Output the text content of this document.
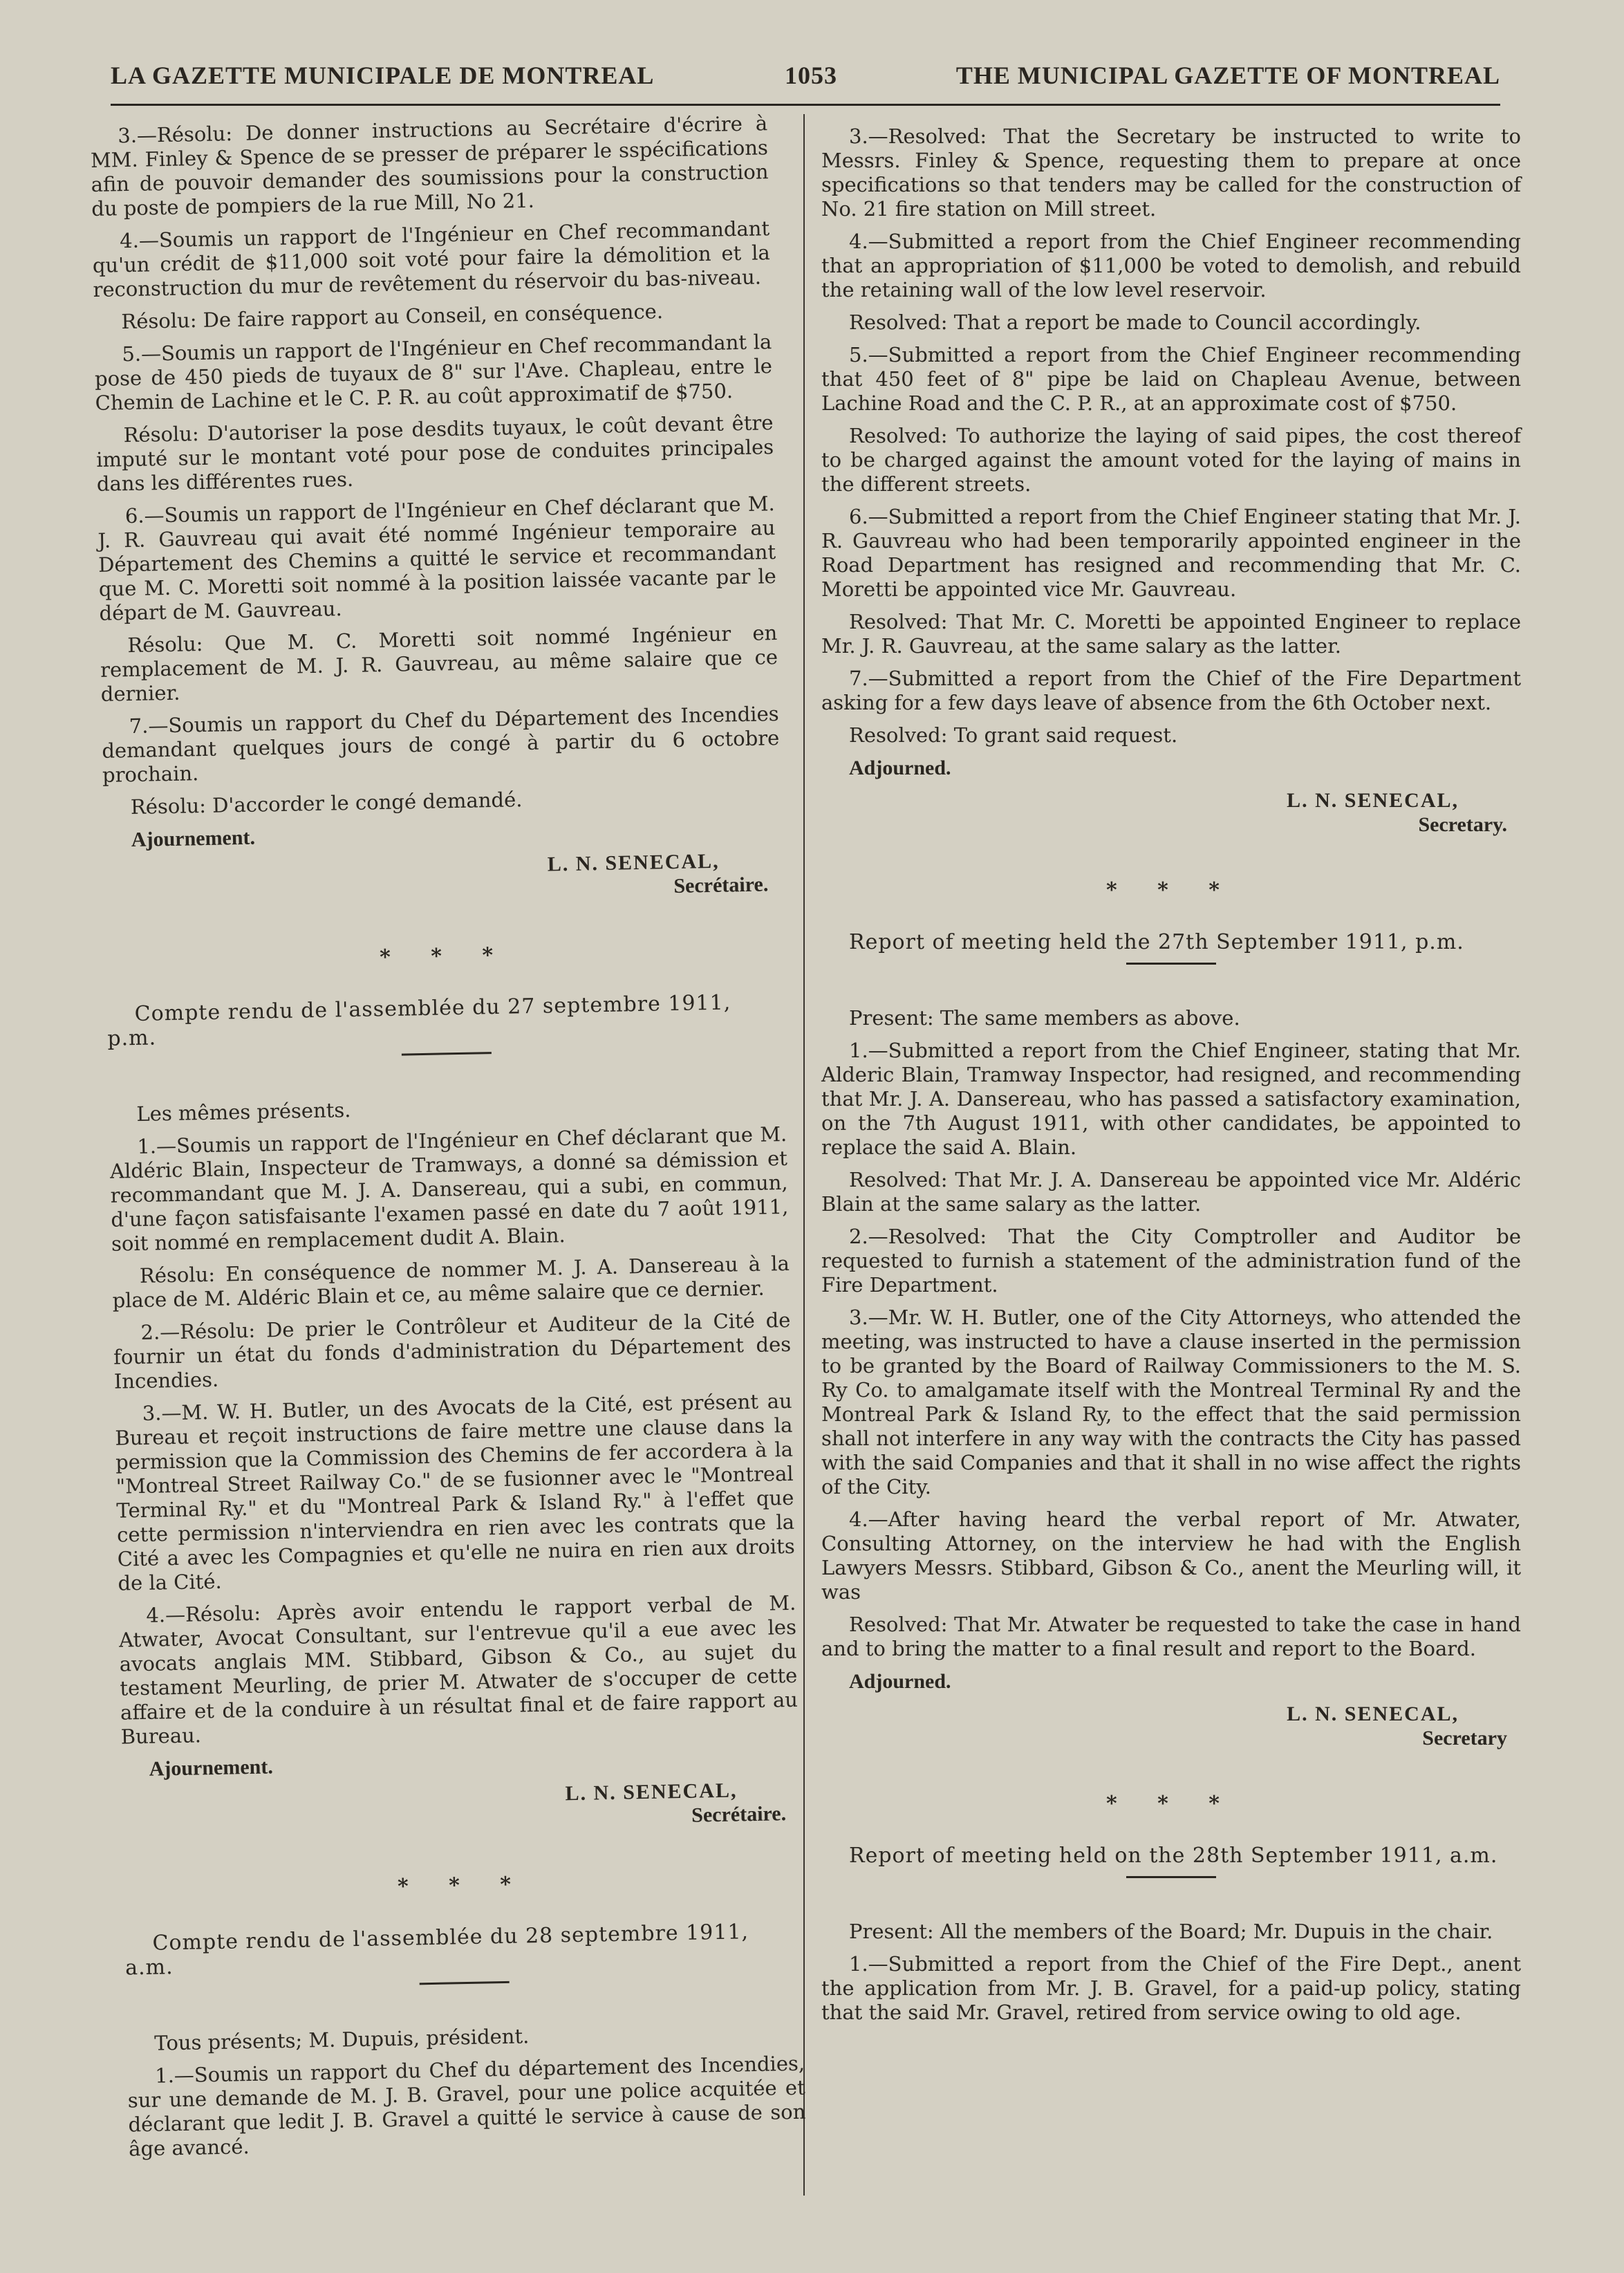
LA GAZETTE MUNICIPALE DE MONTREAL	1053	THE MUNICIPAL GAZETTE OF MONTREAL

3.—Résolu: De donner instructions au Secrétaire d'écrire à MM. Finley & Spence de se presser de préparer le sspécifications afin de pouvoir demander des soumissions pour la construction du poste de pompiers de la rue Mill, No 21.

4.—Soumis un rapport de l'Ingénieur en Chef recommandant qu'un crédit de $11,000 soit voté pour faire la démolition et la reconstruction du mur de revêtement du réservoir du bas-niveau.

Résolu: De faire rapport au Conseil, en conséquence.

5.—Soumis un rapport de l'Ingénieur en Chef recommandant la pose de 450 pieds de tuyaux de 8" sur l'Ave. Chapleau, entre le Chemin de Lachine et le C. P. R. au coût approximatif de $750.

Résolu: D'autoriser la pose desdits tuyaux, le coût devant être imputé sur le montant voté pour pose de conduites principales dans les différentes rues.

6.—Soumis un rapport de l'Ingénieur en Chef déclarant que M. J. R. Gauvreau qui avait été nommé Ingénieur temporaire au Département des Chemins a quitté le service et recommandant que M. C. Moretti soit nommé à la position laissée vacante par le départ de M. Gauvreau.

Résolu: Que M. C. Moretti soit nommé Ingénieur en remplacement de M. J. R. Gauvreau, au même salaire que ce dernier.

7.—Soumis un rapport du Chef du Département des Incendies demandant quelques jours de congé à partir du 6 octobre prochain.

Résolu: D'accorder le congé demandé.

Ajournement.

L. N. SENECAL,
Secrétaire.
* * *

Compte rendu de l'assemblée du 27 septembre 1911, p.m.

Les mêmes présents.

1.—Soumis un rapport de l'Ingénieur en Chef déclarant que M. Aldéric Blain, Inspecteur de Tramways, a donné sa démission et recommandant que M. J. A. Dansereau, qui a subi, en commun, d'une façon satisfaisante l'examen passé en date du 7 août 1911, soit nommé en remplacement dudit A. Blain.

Résolu: En conséquence de nommer M. J. A. Dansereau à la place de M. Aldéric Blain et ce, au même salaire que ce dernier.

2.—Résolu: De prier le Contrôleur et Auditeur de la Cité de fournir un état du fonds d'administration du Département des Incendies.

3.—M. W. H. Butler, un des Avocats de la Cité, est présent au Bureau et reçoit instructions de faire mettre une clause dans la permission que la Commission des Chemins de fer accordera à la "Montreal Street Railway Co." de se fusionner avec le "Montreal Terminal Ry." et du "Montreal Park & Island Ry." à l'effet que cette permission n'interviendra en rien avec les contrats que la Cité a avec les Compagnies et qu'elle ne nuira en rien aux droits de la Cité.

4.—Résolu: Après avoir entendu le rapport verbal de M. Atwater, Avocat Consultant, sur l'entrevue qu'il a eue avec les avocats anglais MM. Stibbard, Gibson & Co., au sujet du testament Meurling, de prier M. Atwater de s'occuper de cette affaire et de la conduire à un résultat final et de faire rapport au Bureau.

Ajournement.

L. N. SENECAL,
Secrétaire.
* * *

Compte rendu de l'assemblée du 28 septembre 1911, a.m.

Tous présents; M. Dupuis, président.

1.—Soumis un rapport du Chef du département des Incendies, sur une demande de M. J. B. Gravel, pour une police acquitée et déclarant que ledit J. B. Gravel a quitté le service à cause de son âge avancé.

3.—Resolved: That the Secretary be instructed to write to Messrs. Finley & Spence, requesting them to prepare at once specifications so that tenders may be called for the construction of No. 21 fire station on Mill street.

4.—Submitted a report from the Chief Engineer recommending that an appropriation of $11,000 be voted to demolish, and rebuild the retaining wall of the low level reservoir.

Resolved: That a report be made to Council accordingly.

5.—Submitted a report from the Chief Engineer recommending that 450 feet of 8" pipe be laid on Chapleau Avenue, between Lachine Road and the C. P. R., at an approximate cost of $750.

Resolved: To authorize the laying of said pipes, the cost thereof to be charged against the amount voted for the laying of mains in the different streets.

6.—Submitted a report from the Chief Engineer stating that Mr. J. R. Gauvreau who had been temporarily appointed engineer in the Road Department has resigned and recommending that Mr. C. Moretti be appointed vice Mr. Gauvreau.

Resolved: That Mr. C. Moretti be appointed Engineer to replace Mr. J. R. Gauvreau, at the same salary as the latter.

7.—Submitted a report from the Chief of the Fire Department asking for a few days leave of absence from the 6th October next.

Resolved: To grant said request.

Adjourned.

L. N. SENECAL,
Secretary.
* * *

Report of meeting held the 27th September 1911, p.m.

Present: The same members as above.

1.—Submitted a report from the Chief Engineer, stating that Mr. Alderic Blain, Tramway Inspector, had resigned, and recommending that Mr. J. A. Dansereau, who has passed a satisfactory examination, on the 7th August 1911, with other candidates, be appointed to replace the said A. Blain.

Resolved: That Mr. J. A. Dansereau be appointed vice Mr. Aldéric Blain at the same salary as the latter.

2.—Resolved: That the City Comptroller and Auditor be requested to furnish a statement of the administration fund of the Fire Department.

3.—Mr. W. H. Butler, one of the City Attorneys, who attended the meeting, was instructed to have a clause inserted in the permission to be granted by the Board of Railway Commissioners to the M. S. Ry Co. to amalgamate itself with the Montreal Terminal Ry and the Montreal Park & Island Ry, to the effect that the said permission shall not interfere in any way with the contracts the City has passed with the said Companies and that it shall in no wise affect the rights of the City.

4.—After having heard the verbal report of Mr. Atwater, Consulting Attorney, on the interview he had with the English Lawyers Messrs. Stibbard, Gibson & Co., anent the Meurling will, it was

Resolved: That Mr. Atwater be requested to take the case in hand and to bring the matter to a final result and report to the Board.

Adjourned.

L. N. SENECAL,
Secretary
* * *

Report of meeting held on the 28th September 1911, a.m.

Present: All the members of the Board; Mr. Dupuis in the chair.

1.—Submitted a report from the Chief of the Fire Dept., anent the application from Mr. J. B. Gravel, for a paid-up policy, stating that the said Mr. Gravel, retired from service owing to old age.
